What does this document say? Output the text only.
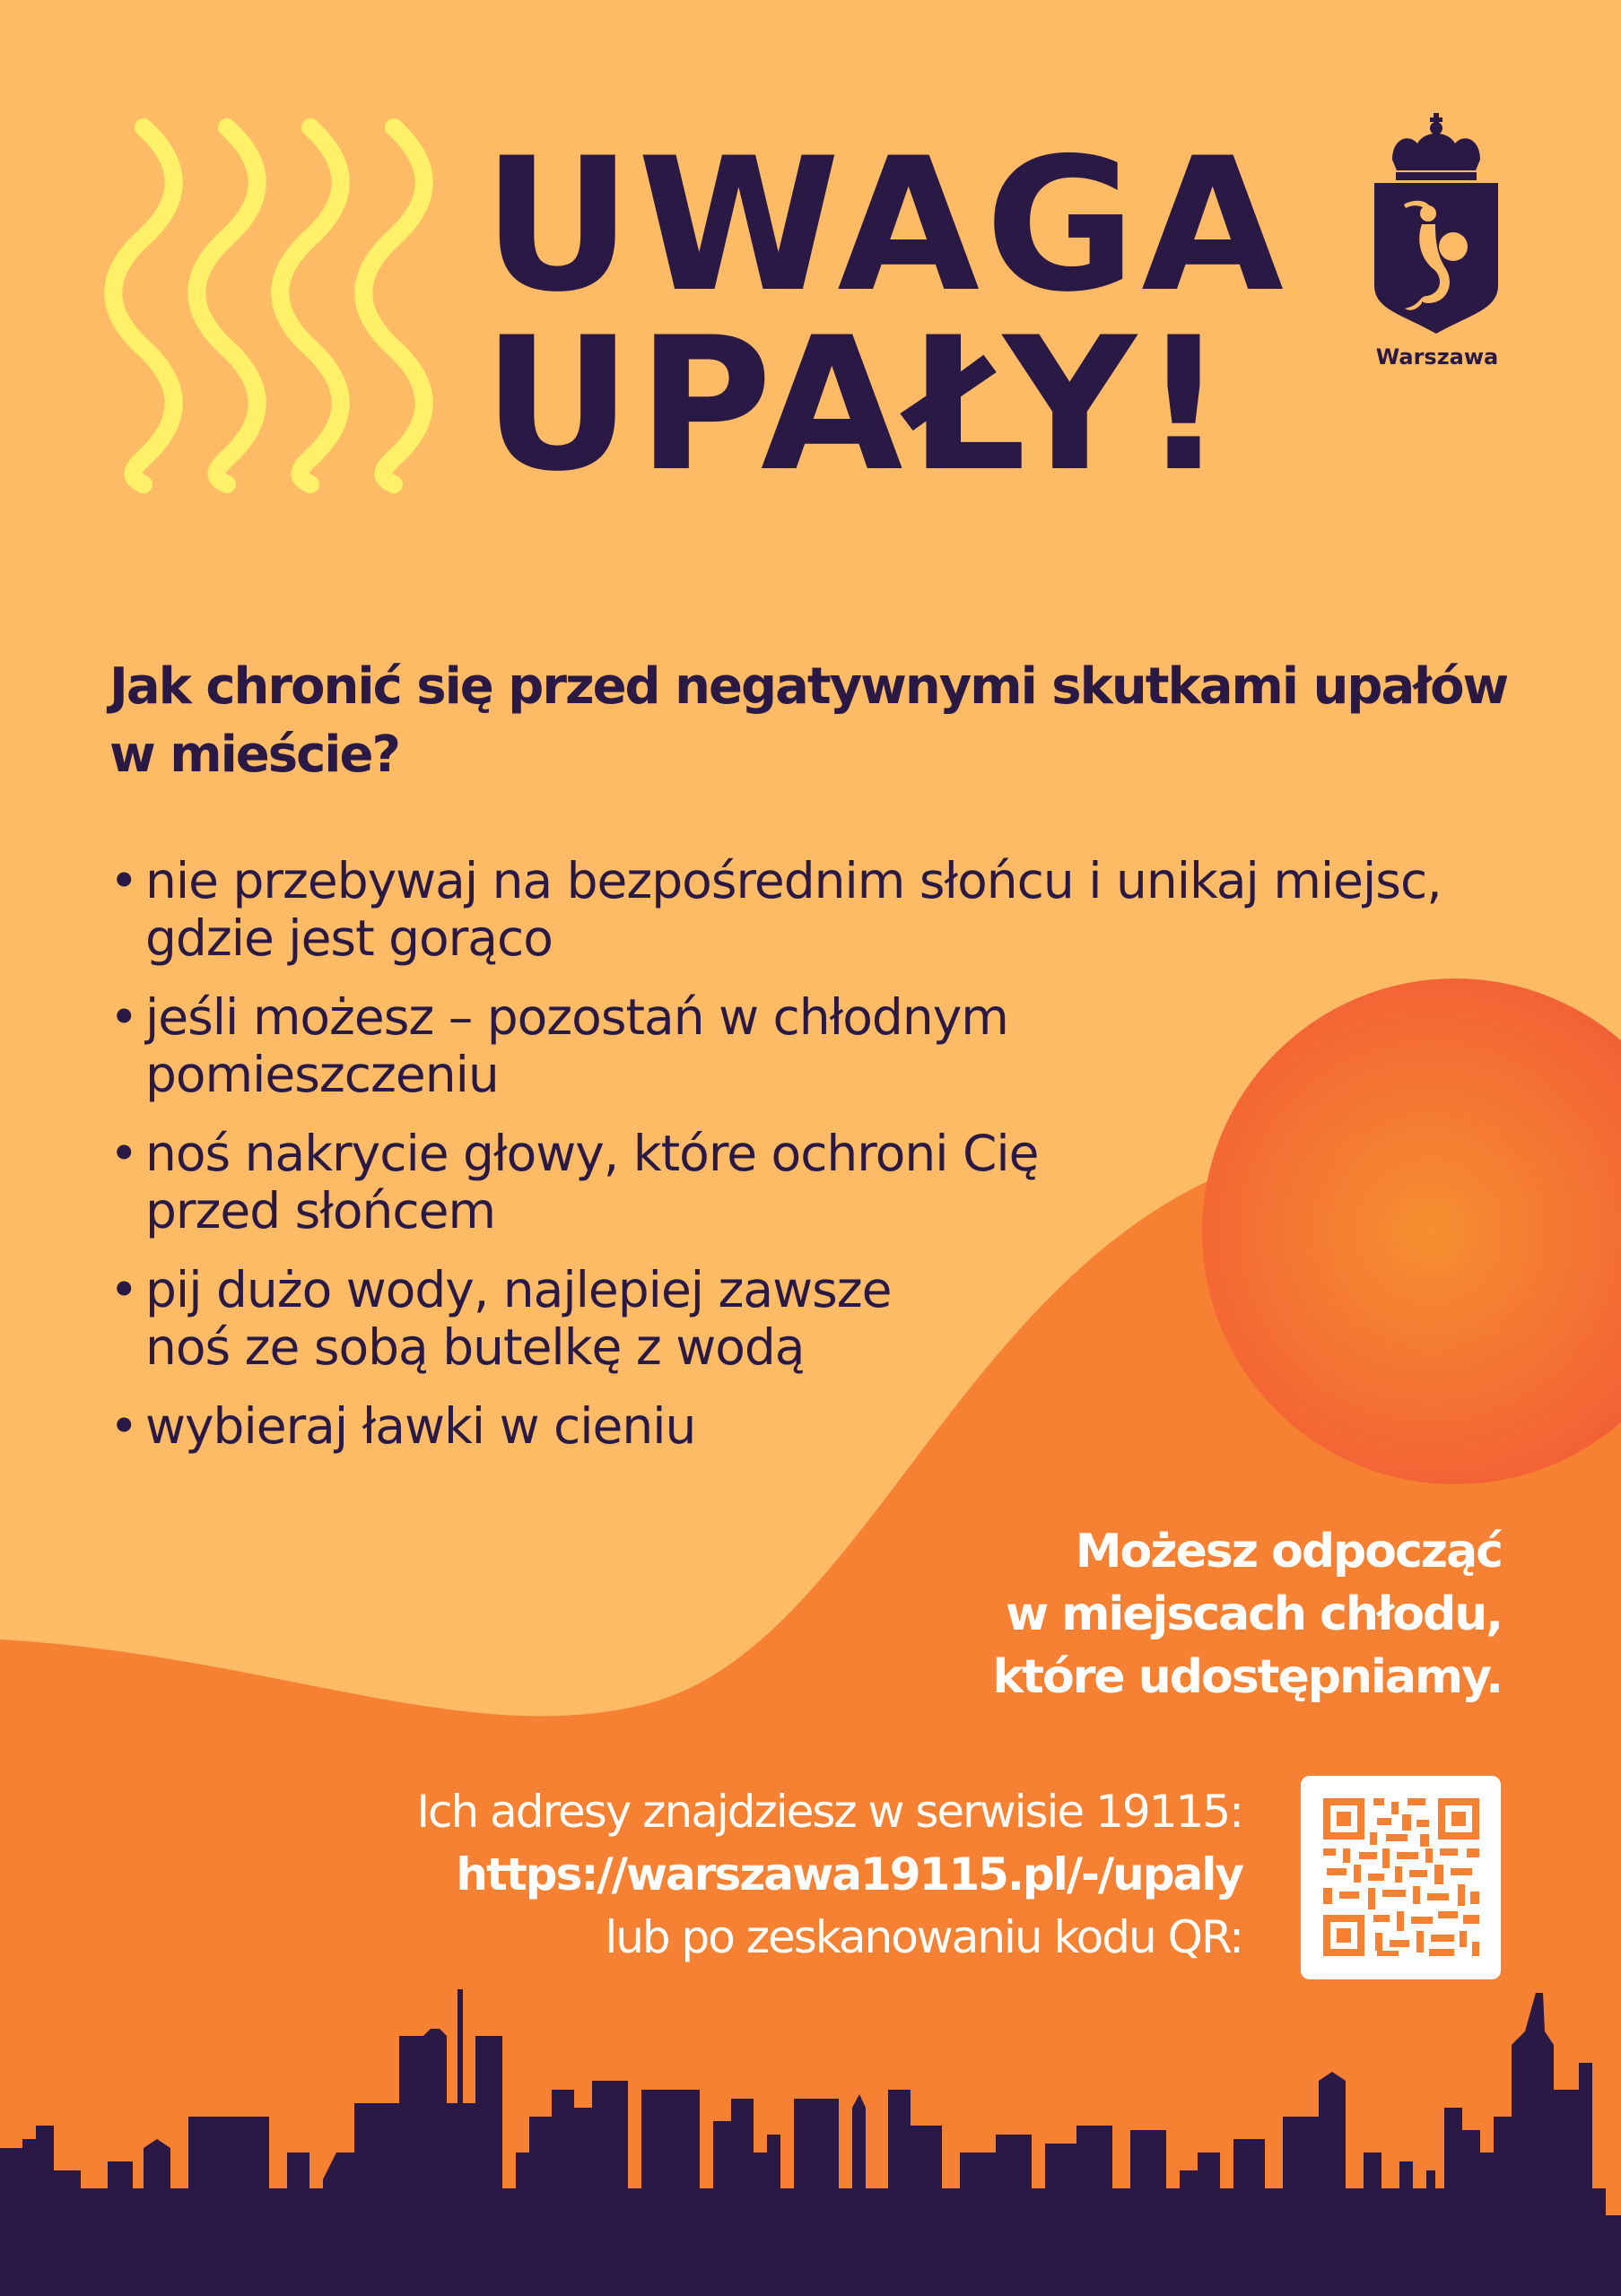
UWAGA
UPAŁY!	Warszawa
Jak chronić się przed negatywnymi skutkami upałów w mieście?
• nie przebywaj na bezpośrednim słońcu i unikaj miejsc, gdzie jest gorąco
• jeśli możesz – pozostań w chłodnym pomieszczeniu
• noś nakrycie głowy, które ochroni Cię przed słońcem
• pij dużo wody, najlepiej zawsze noś ze sobą butelkę z wodą
• wybieraj ławki w cieniu
Możesz odpocząć
w miejscach chłodu,
które udostępniamy.
Ich adresy znajdziesz w serwisie 19115:
https://warszawa19115.pl/-/upaly
lub po zeskanowaniu kodu QR:
